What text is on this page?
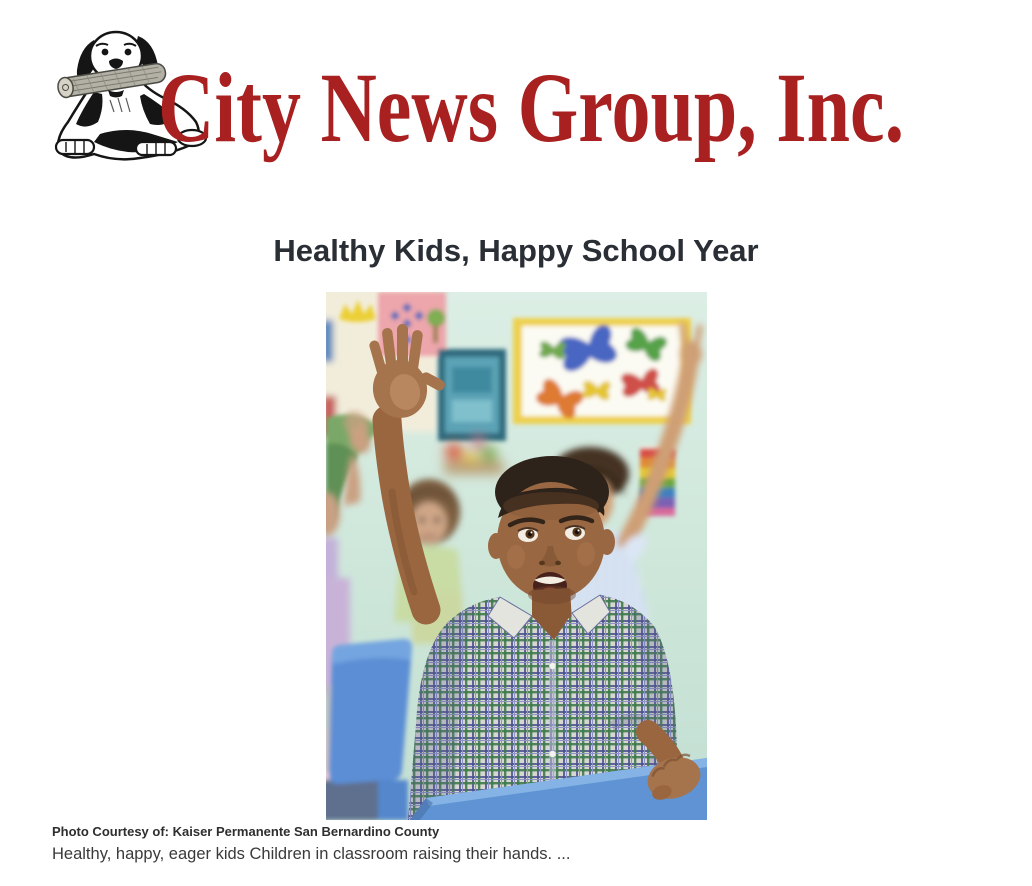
City News Group, Inc.
Healthy Kids, Happy School Year
Photo Courtesy of: Kaiser Permanente San Bernardino County
Healthy, happy, eager kids Children in classroom raising their hands. ...
